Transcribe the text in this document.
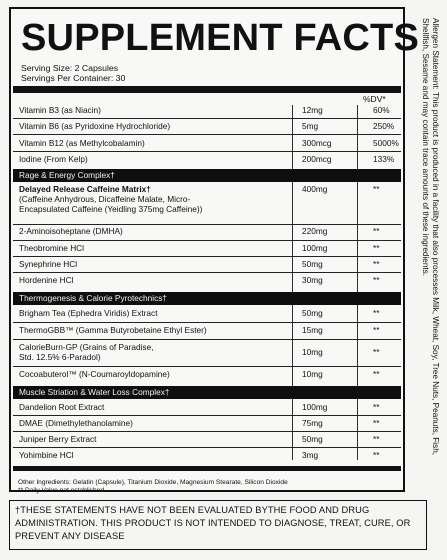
SUPPLEMENT FACTS
Serving Size: 2 Capsules
Servings Per Container: 30
%DV*
Vitamin B3 (as Niacin)	12mg	60%
Vitamin B6 (as Pyridoxine Hydrochloride)	5mg	250%
Vitamin B12 (as Methylcobalamin)	300mcg	5000%
Iodine (From Kelp)	200mcg	133%
Rage & Energy Complex†
Delayed Release Caffeine Matrix†
(Caffeine Anhydrous, Dicaffeine Malate, Micro-
Encapsulated Caffeine (Yeidling 375mg Caffeine))
400mg	**
2-Aminoisoheptane (DMHA)	220mg	**
Theobromine HCl	100mg	**
Synephrine HCl	50mg	**
Hordenine HCl	30mg	**
Thermogenesis & Calorie Pyrotechnics†
Brigham Tea (Ephedra Viridis) Extract	50mg	**
ThermoGBB™ (Gamma Butyrobetaine Ethyl Ester)	15mg	**
CalorieBurn-GP (Grains of Paradise,
Std. 12.5% 6-Paradol)	10mg	**
Cocoabuterol™ (N-Coumaroyldopamine)	10mg	**
Muscle Striation & Water Loss Complex†
Dandelion Root Extract	100mg	**
DMAE (Dimethylethanolamine)	75mg	**
Juniper Berry Extract	50mg	**
Yohimbine HCl	3mg	**
Other Ingredients: Gelatin (Capsule), Titanium Dioxide, Magnesium Stearate, Silicon Dioxide
** Daily Value not established
Allergen Statement: This product is produced in a facility that also processes Milk, Wheat, Soy, Tree Nuts, Peanuts, Fish, Shellfish, Sesame and may contain trace amounts of these ingredients.
†THESE STATEMENTS HAVE NOT BEEN EVALUATED BYTHE FOOD AND DRUG ADMINISTRATION. THIS PRODUCT IS NOT INTENDED TO DIAGNOSE, TREAT, CURE, OR PREVENT ANY DISEASE
